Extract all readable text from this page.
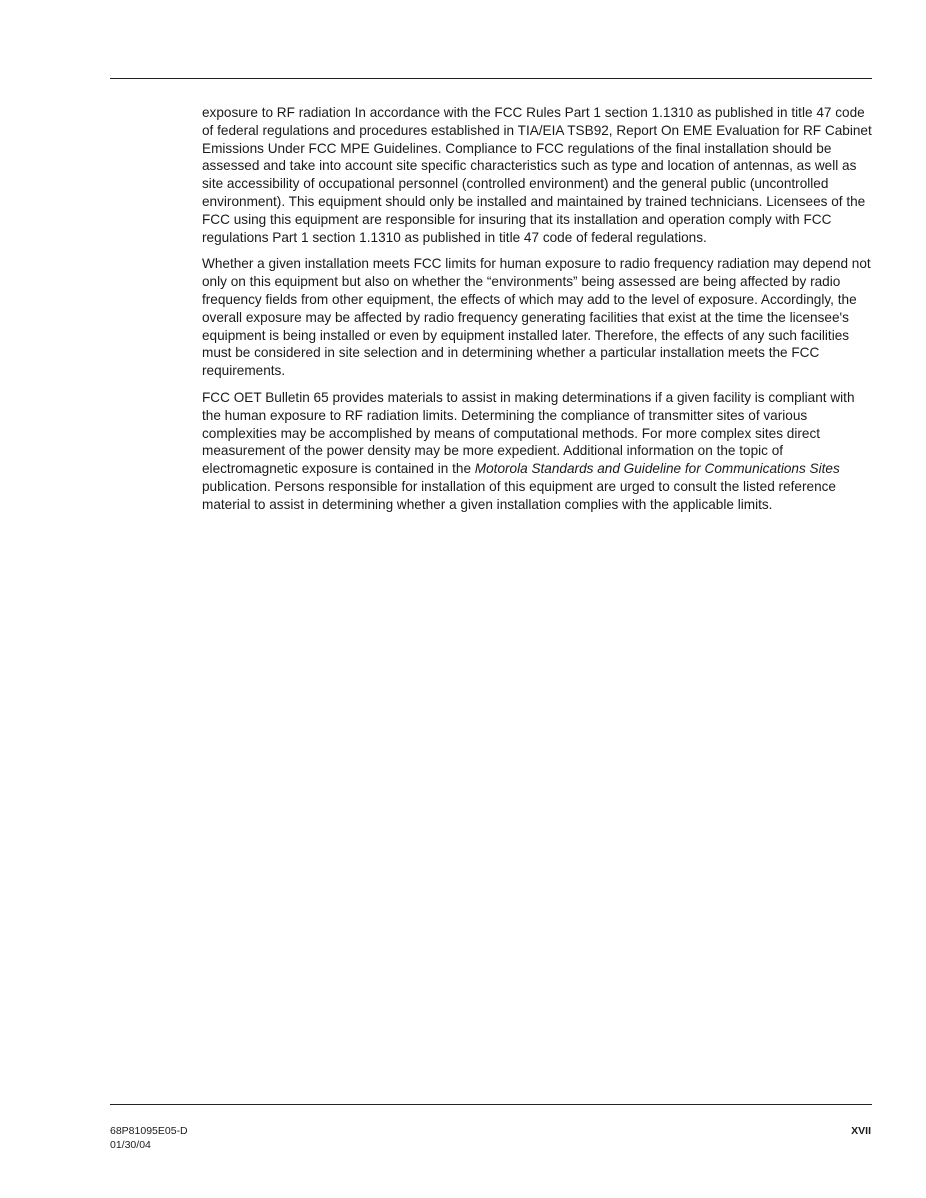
exposure to RF radiation In accordance with the FCC Rules Part 1 section 1.1310 as published in title 47 code of federal regulations and procedures established in TIA/EIA TSB92, Report On EME Evaluation for RF Cabinet Emissions Under FCC MPE Guidelines. Compliance to FCC regulations of the final installation should be assessed and take into account site specific characteristics such as type and location of antennas, as well as site accessibility of occupational personnel (controlled environment) and the general public (uncontrolled environment). This equipment should only be installed and maintained by trained technicians. Licensees of the FCC using this equipment are responsible for insuring that its installation and operation comply with FCC regulations Part 1 section 1.1310 as published in title 47 code of federal regulations.

Whether a given installation meets FCC limits for human exposure to radio frequency radiation may depend not only on this equipment but also on whether the “environments” being assessed are being affected by radio frequency fields from other equipment, the effects of which may add to the level of exposure. Accordingly, the overall exposure may be affected by radio frequency generating facilities that exist at the time the licensee's equipment is being installed or even by equipment installed later. Therefore, the effects of any such facilities must be considered in site selection and in determining whether a particular installation meets the FCC requirements.

FCC OET Bulletin 65 provides materials to assist in making determinations if a given facility is compliant with the human exposure to RF radiation limits. Determining the compliance of transmitter sites of various complexities may be accomplished by means of computational methods. For more complex sites direct measurement of the power density may be more expedient. Additional information on the topic of electromagnetic exposure is contained in the Motorola Standards and Guideline for Communications Sites publication. Persons responsible for installation of this equipment are urged to consult the listed reference material to assist in determining whether a given installation complies with the applicable limits.

68P81095E05-D
01/30/04
XVII
